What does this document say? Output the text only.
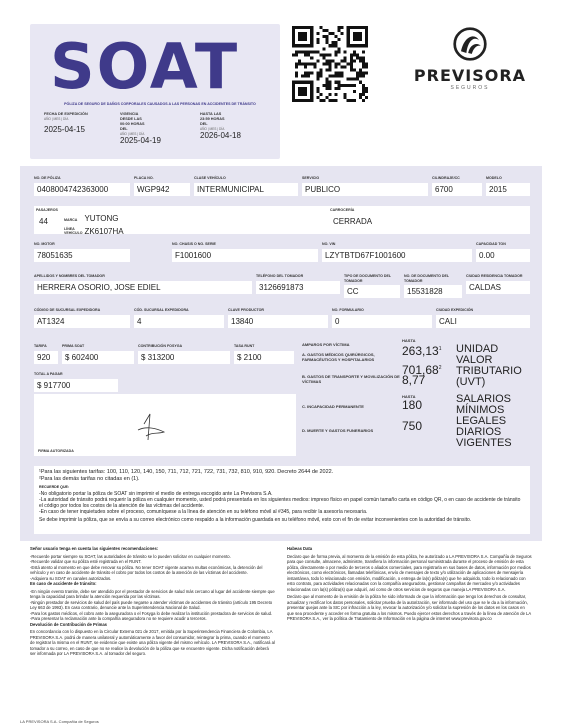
SOAT
PÓLIZA DE SEGURO DE DAÑOS CORPORALES CAUSADOS A LAS PERSONAS EN ACCIDENTES DE TRÁNSITO
FECHA DE EXPEDICIÓN
AÑO | MES | DÍA
2025-04-15
VIGENCIA DESDE LAS 00:00 HORAS DEL
AÑO | MES | DÍA
2025-04-19
HASTA LAS 23:59 HORAS DEL
AÑO | MES | DÍA
2026-04-18
PREVISORA
SEGUROS
NO. DE PÓLIZA
0408004742363000
PLACA NO.
WGP942
CLASE VEHÍCULO
INTERMUNICIPAL
SERVICIO
PUBLICO
CILINDRAJE/CC
6700
MODELO
2015
PASAJEROS
44	MARCA YUTONG
LÍNEA VEHÍCULO ZK6107HA
CARROCERÍA
CERRADA
NO. MOTOR
78051635
NO. CHASIS O NO. SERIE
F1001600
NO. VIN
LZYTBTD67F1001600
CAPACIDAD TON
0.00
APELLIDOS Y NOMBRES DEL TOMADOR
HERRERA OSORIO, JOSE EDIEL
TELÉFONO DEL TOMADOR
3126691873
TIPO DE DOCUMENTO DEL TOMADOR
CC
NO. DE DOCUMENTO DEL TOMADOR
15531828
CIUDAD RESIDENCIA TOMADOR
CALDAS
CÓDIGO DE SUCURSAL EXPEDIDORA
AT1324
CÓD. SUCURSAL EXPEDIDORA
4
CLAVE PRODUCTOR
13840
NO. FORMULARIO
0
CIUDAD EXPEDICIÓN
CALI
TARIFA
920
PRIMA SOAT
$ 602400
CONTRIBUCIÓN FOSYGA
$ 313200
TASA RUNT
$ 2100
TOTAL A PAGAR
$ 917700
FIRMA AUTORIZADA
AMPAROS POR VÍCTIMA
A. GASTOS MÉDICOS QUIRÚRGICOS, FARMACÉUTICOS Y HOSPITALARIOS
B. GASTOS DE TRANSPORTE Y MOVILIZACIÓN DE VÍCTIMAS
C. INCAPACIDAD PERMANENTE
D. MUERTE Y GASTOS FUNERARIOS
HASTA
263,13$^1$
701,68$^2$
8,77
HASTA
180
750
UNIDAD
VALOR
TRIBUTARIO
(UVT)
SALARIOS
MÍNIMOS
LEGALES
DIARIOS
VIGENTES

¹Para las siguientes tarifas: 100, 110, 120, 140, 150, 711, 712, 721, 722, 731, 732, 810, 910, 920. Decreto 2644 de 2022.

²Para las demás tarifas no citadas en (1).

RECUERDE QUE:

-No obligatorio portar la póliza de SOAT sin imprimir el medio de entrega escogido ante La Previsora S.A.

-La autoridad de tránsito podrá requerir la póliza en cualquier momento, usted podrá presentarla en los siguientes medios: impreso físico en papel común tamaño carta en código QR, o en caso de accidente de tránsito el código por todos los costos de la atención de las víctimas del accidente.

-En caso de tener inquietudes sobre el proceso, comuníquese a la línea de atención en su teléfono móvil al #345, para recibir la asesoría necesaria.

Se debe imprimir la póliza, que se envía a su correo electrónico como respaldo a la información guardada en su teléfono móvil, esto con el fin de evitar inconvenientes con la autoridad de tránsito.

Señor usuario tenga en cuenta las siguientes recomendaciones:

-Recuerde portar siempre su SOAT, las autoridades de tránsito se lo pueden solicitar en cualquier momento.

-Recuerde validar que su póliza esté registrada en el RUNT.

-Está atento al momento en que debe renovar su póliza. No tener SOAT vigente acarrea multas económicas, la detención del vehículo y en caso de accidente de tránsito el cobro por todos los costos de la atención de las víctimas del accidente.

-Adquiera su SOAT en canales autorizados.

En caso de accidente de tránsito:

-En ningún evento tramite, debe ser atendido por el prestador de servicios de salud más cercano al lugar del accidente siempre que tenga la capacidad para brindar la atención requerida por las víctimas.

-Ningún prestador de servicios de salud del país puede negarse a atender víctimas de accidentes de tránsito (artículo 195 Decreto Ley 663 de 1993). En caso contrario, denuncie ante la Superintendencia Nacional de Salud.

-Para los gastos médicos, el cobro ante la aseguradora o el Fosyga lo debe realizar la institución prestadora de servicios de salud.

-Para presentar la reclamación ante la compañía aseguradora no se requiere acudir a terceros.

Devolución de Contribución de Primas

En concordancia con lo dispuesto en la Circular Externa 021 de 2017, emitida por la Superintendencia Financiera de Colombia, LA PREVISORA S.A. podrá de manera unilateral y automáticamente a favor del consumidor, reintegrar la prima, cuando el momento de registrar la misma en el RUNT, se evidencie que existe una póliza vigente del mismo vehículo. LA PREVISORA S.A., notificará al tomador a su correo, en caso de que no se realice la devolución de la póliza que se encuentre vigente. Dicha notificación deberá ser informada por LA PREVISORA S.A. al tomador del seguro.

Habeas Data

Declaro que de forma previa, al momento de la emisión de esta póliza, he autorizado a LA PREVISORA S.A. Compañía de Seguros para que consulte, almacene, administre, transfiera la información personal suministrada durante el proceso de emisión de esta póliza, directamente o por medio de terceros o aliados comerciales, para registrarla en sus bases de datos, información por medios electrónicos, como electrónicos, llamadas telefónicas, envío de mensajes de texto y/o utilización de aplicaciones de mensajería instantánea, todo lo relacionado con emisión, modificación, o entrega de la(s) póliza(s) que he adquirido, todo lo relacionado con esto contrato, para actividades relacionadas con la compañía aseguradora, gestionar campañas de mercadeo y/o actividades relacionadas con la(s) póliza(s) que adquirí, así como de otros servicios de seguros que maneja LA PREVISORA S.A.

Declaro que al momento de la emisión de la póliza he sido informado de que la información que tengo los derechos de consultar, actualizar y rectificar los datos personales, solicitar prueba de la autorización, ser informado del uso que se le da a la información, presentar quejas ante la SIC por infracción a la ley, revocar la autorización y/o solicitar la supresión de los datos en los casos en que sea procedente y acceder en forma gratuita a los mismos. Puedo ejercer estos derechos a través de la línea de atención de LA PREVISORA S.A., ver la política de Tratamiento de Información en la página de internet www.previsora.gov.co

LA PREVISORA S.A. Compañía de Seguros
